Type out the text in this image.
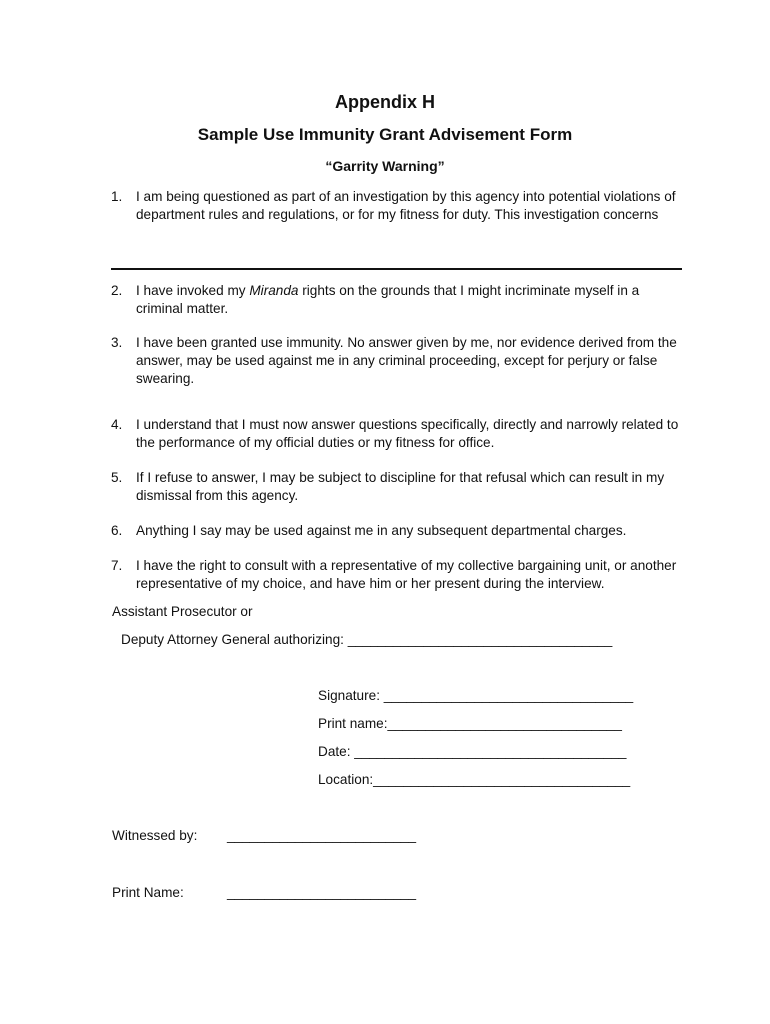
Appendix H
Sample Use Immunity Grant Advisement Form
“Garrity Warning”
1. I am being questioned as part of an investigation by this agency into potential violations of department rules and regulations, or for my fitness for duty. This investigation concerns
2. I have invoked my Miranda rights on the grounds that I might incriminate myself in a criminal matter.
3. I have been granted use immunity. No answer given by me, nor evidence derived from the answer, may be used against me in any criminal proceeding, except for perjury or false swearing.
4. I understand that I must now answer questions specifically, directly and narrowly related to the performance of my official duties or my fitness for office.
5. If I refuse to answer, I may be subject to discipline for that refusal which can result in my dismissal from this agency.
6. Anything I say may be used against me in any subsequent departmental charges.
7. I have the right to consult with a representative of my collective bargaining unit, or another representative of my choice, and have him or her present during the interview.
Assistant Prosecutor or
Deputy Attorney General authorizing: ___________________________________
Signature: _________________________________
Print name:_______________________________
Date: ____________________________________
Location:__________________________________
Witnessed by: _________________________
Print Name:	_________________________
